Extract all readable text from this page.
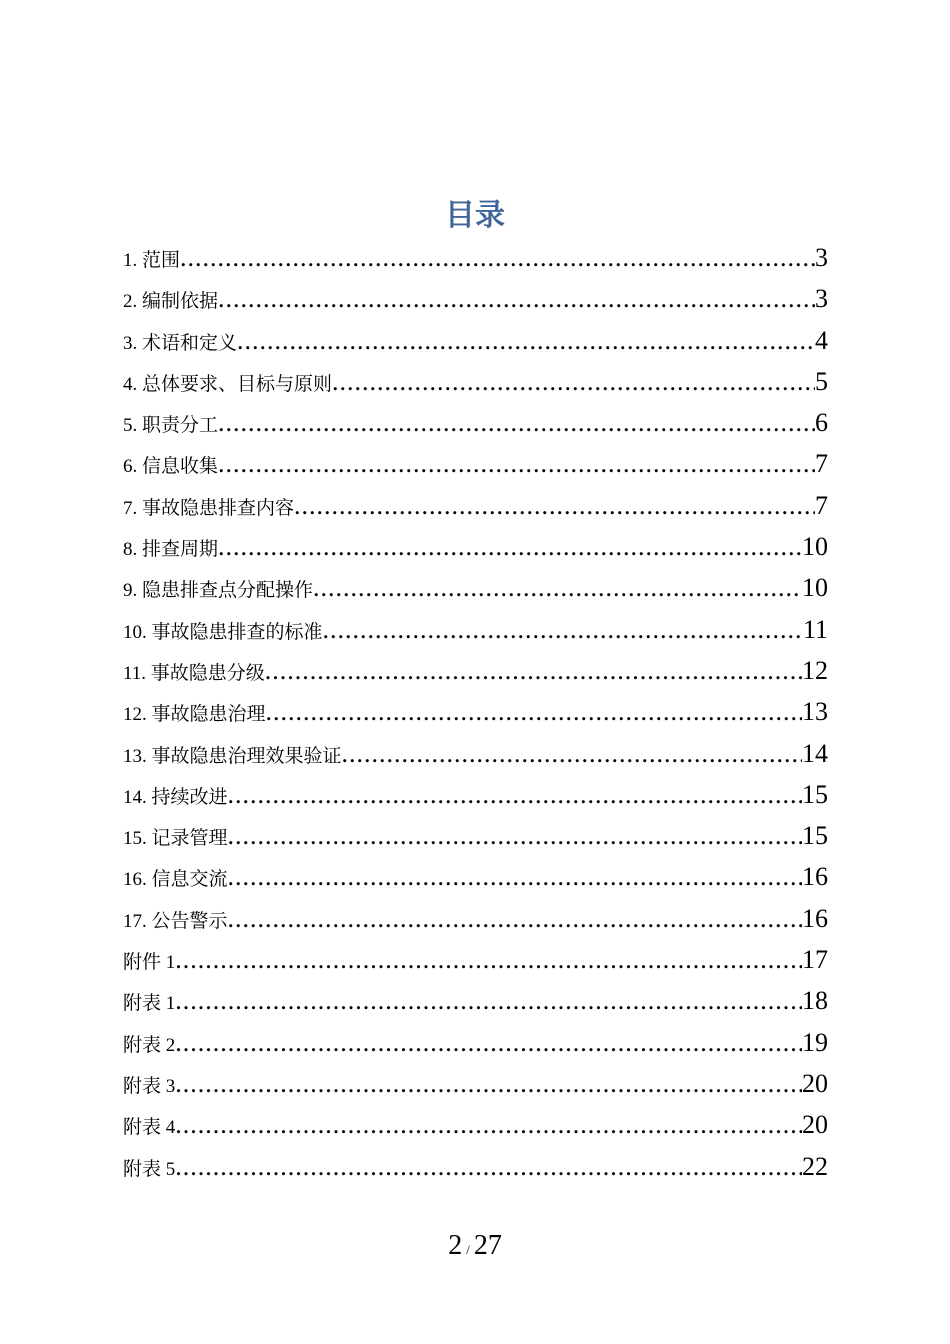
目录
1. 范围 .....	3
2. 编制依据 .....	3
3. 术语和定义 .....	4
4. 总体要求、目标与原则 .....	5
5. 职责分工 .....	6
6. 信息收集 .....	7
7. 事故隐患排查内容 .....	7
8. 排查周期 .....	10
9. 隐患排查点分配操作 .....	10
10. 事故隐患排查的标准 .....	11
11. 事故隐患分级 .....	12
12. 事故隐患治理 .....	13
13. 事故隐患治理效果验证 .....	14
14. 持续改进 .....	15
15. 记录管理 .....	15
16. 信息交流 .....	16
17. 公告警示 .....	16
附件 1 .....	17
附表 1 .....	18
附表 2 .....	19
附表 3 .....	20
附表 4 .....	20
附表 5 .....	22
2 / 27
